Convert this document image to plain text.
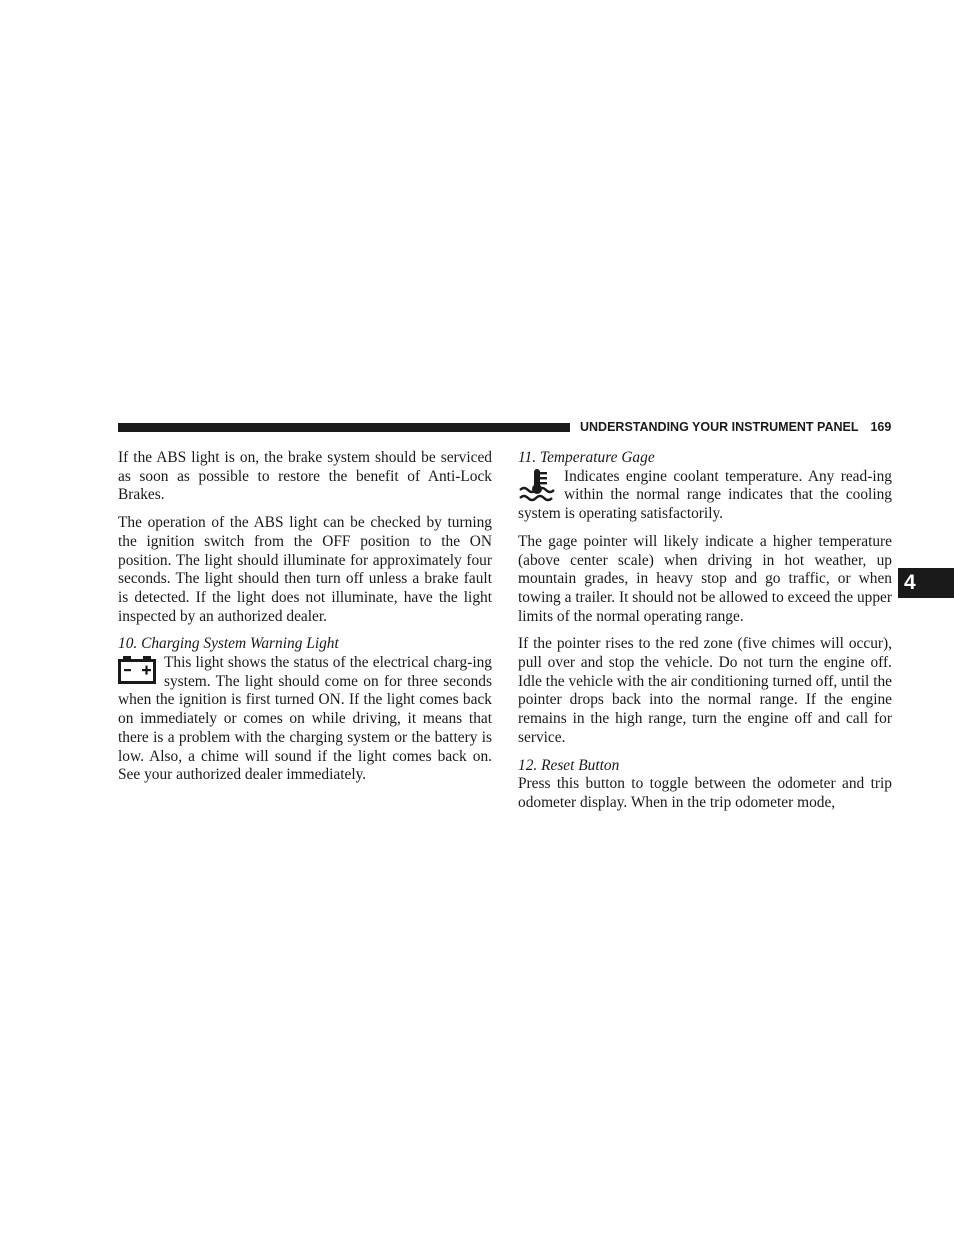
UNDERSTANDING YOUR INSTRUMENT PANEL 169

If the ABS light is on, the brake system should be serviced as soon as possible to restore the benefit of Anti-Lock Brakes.

The operation of the ABS light can be checked by turning the ignition switch from the OFF position to the ON position. The light should illuminate for approximately four seconds. The light should then turn off unless a brake fault is detected. If the light does not illuminate, have the light inspected by an authorized dealer.

10. Charging System Warning Light

This light shows the status of the electrical charg-ing system. The light should come on for three seconds when the ignition is first turned ON. If the light comes back on immediately or comes on while driving, it means that there is a problem with the charging system or the battery is low. Also, a chime will sound if the light comes back on. See your authorized dealer immediately.

11. Temperature Gage

Indicates engine coolant temperature. Any read-ing within the normal range indicates that the cooling system is operating satisfactorily.

The gage pointer will likely indicate a higher temperature (above center scale) when driving in hot weather, up mountain grades, in heavy stop and go traffic, or when towing a trailer. It should not be allowed to exceed the upper limits of the normal operating range.

If the pointer rises to the red zone (five chimes will occur), pull over and stop the vehicle. Do not turn the engine off. Idle the vehicle with the air conditioning turned off, until the pointer drops back into the normal range. If the engine remains in the high range, turn the engine off and call for service.

12. Reset Button

Press this button to toggle between the odometer and trip odometer display. When in the trip odometer mode,

4
